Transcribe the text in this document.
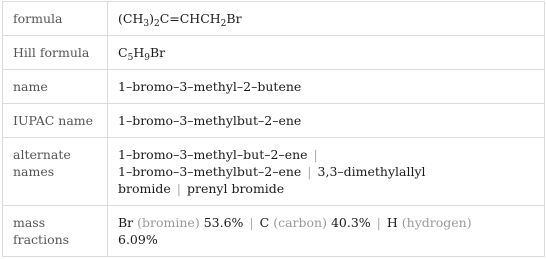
formula	$(CH_3)_2C=CHCH_2Br$
Hill formula	$C_5H_9Br$
name	1–bromo–3–methyl–2–butene
IUPAC name	1–bromo–3–methylbut–2–ene
alternate names	1–bromo–3–methyl–but–2–ene |
1–bromo–3–methylbut–2–ene | 3,3–dimethylallyl bromide | prenyl bromide
mass fractions	Br (bromine) 53.6% | C (carbon) 40.3% | H (hydrogen)
6.09%
